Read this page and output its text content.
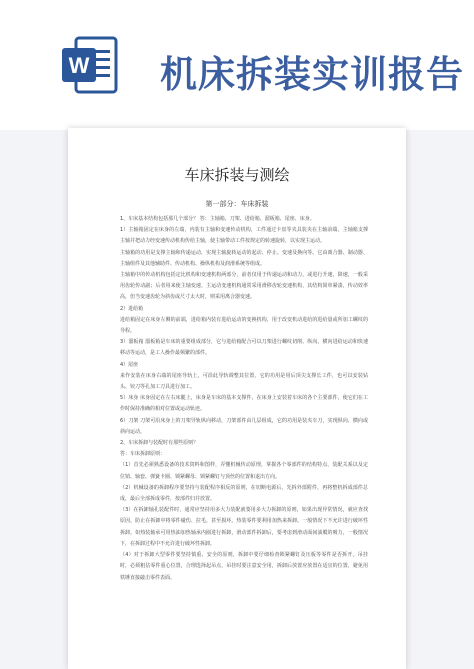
W 机床拆装实训报告
车床拆装与测绘
第一部分：车床拆装

1、车床基本结构包括那几个部分？ 答：主轴箱、刀架、进给箱、溜板箱、尾座、床身。

1）主轴箱固定在床身的左端，内装有主轴和变速传动机构，工件通过卡盘等夹具装夹在主轴前端，主轴箱支撑主轴并把动力经变速传动机构传给主轴，使主轴带动工件按规定的转速旋转，以实现主运动。

主轴箱的功用是支撑主轴和传递运动，实现主轴旋转运动的起动、停止、变速及换向等。它由离合器、制动器、主轴组件及其他辅助件、传动机构、操纵机构及润滑系统等组成。

主轴箱中的传动机构包括定比机构和变速机构两部分，前者仅用于传递运动和动力，或进行升速、降速，一般采用齿轮传动副；后者用来使主轴变速、主运动变速机构通常采用滑移齿轮变速机构，其结构简单紧凑，传动效率高，但当变速齿轮为斜齿或尺寸太大时，则采用离合器变速。

2）进给箱

进给箱固定在床身左侧的前端，进给箱内装有进给运动的变换机构，用于改变机动进给的进给量或所加工螺纹的导程。

3）溜板箱 溜板箱是车床的重要组成部分，它与进给箱配合可以刀架进行螺纹切削、纵向、横向进给运动和快速移动等运动，是工人操作最频繁的部件。

4）尾座

来作安装在床身右端的尾座导轨上，可沿此导轨调整其位置，它的功用是用后顶尖支撑长工件，也可以安装钻头、铰刀等孔加工刀具进行加工。

5）床身 床身固定在左右床腿上，床身是车床的基本支撑件，在床身上安装着车床的各个主要部件，使它们在工作时保持准确的相对位置或运动轨迹。

6）刀架 刀架可沿床身上的刀架导轨纵向移动，刀架部件由几层组成，它的功用是装夹车刀，实现纵向、横向或斜向运动。

2、车床拆卸与装配时有那些原则？

答：车床拆卸原则：

（1）首先必须熟悉设备的技术资料和图样，弄懂机械传动原理，掌握各个零部件的结构特点、装配关系以及定位销、轴套、弹簧卡圈、锁紧螺母、锁紧螺钉与顶丝的位置和退出方向。

（2）机械设备的拆卸程序要坚持与装配程序相反的原则，在切断电源后，先拆外部附件，再将整机拆成部件总成，最后全部拆成零件，按部件归并放置。

（3）在拆卸轴孔装配件时，通常应坚持用多大力装配就要用多大力拆卸的原则，如果出现异常情况，就应查找原因，防止在拆卸中将零件碰伤、拉毛，甚至损坏。热装零件要利用加热来拆卸。一般情况下不允许进行破坏性拆卸，如热装轴承可用热油加热轴承内圈进行拆卸，滑动部件拆卸后，要考虑到滑动面间油膜的吸力，一般情况下，在拆卸过程中不允许进行破坏性拆卸。

（4）对于拆卸大型零件要坚持慎重、安全的原则，拆卸中要仔细检查锁紧螺钉及压板等零件是否拆开。吊挂时，必须粗估零件重心位置，合理选择起吊点，吊挂时要注意安全用，拆卸后放置应放置在适宜的位置，避免用铁锤直接敲击零件表面。
